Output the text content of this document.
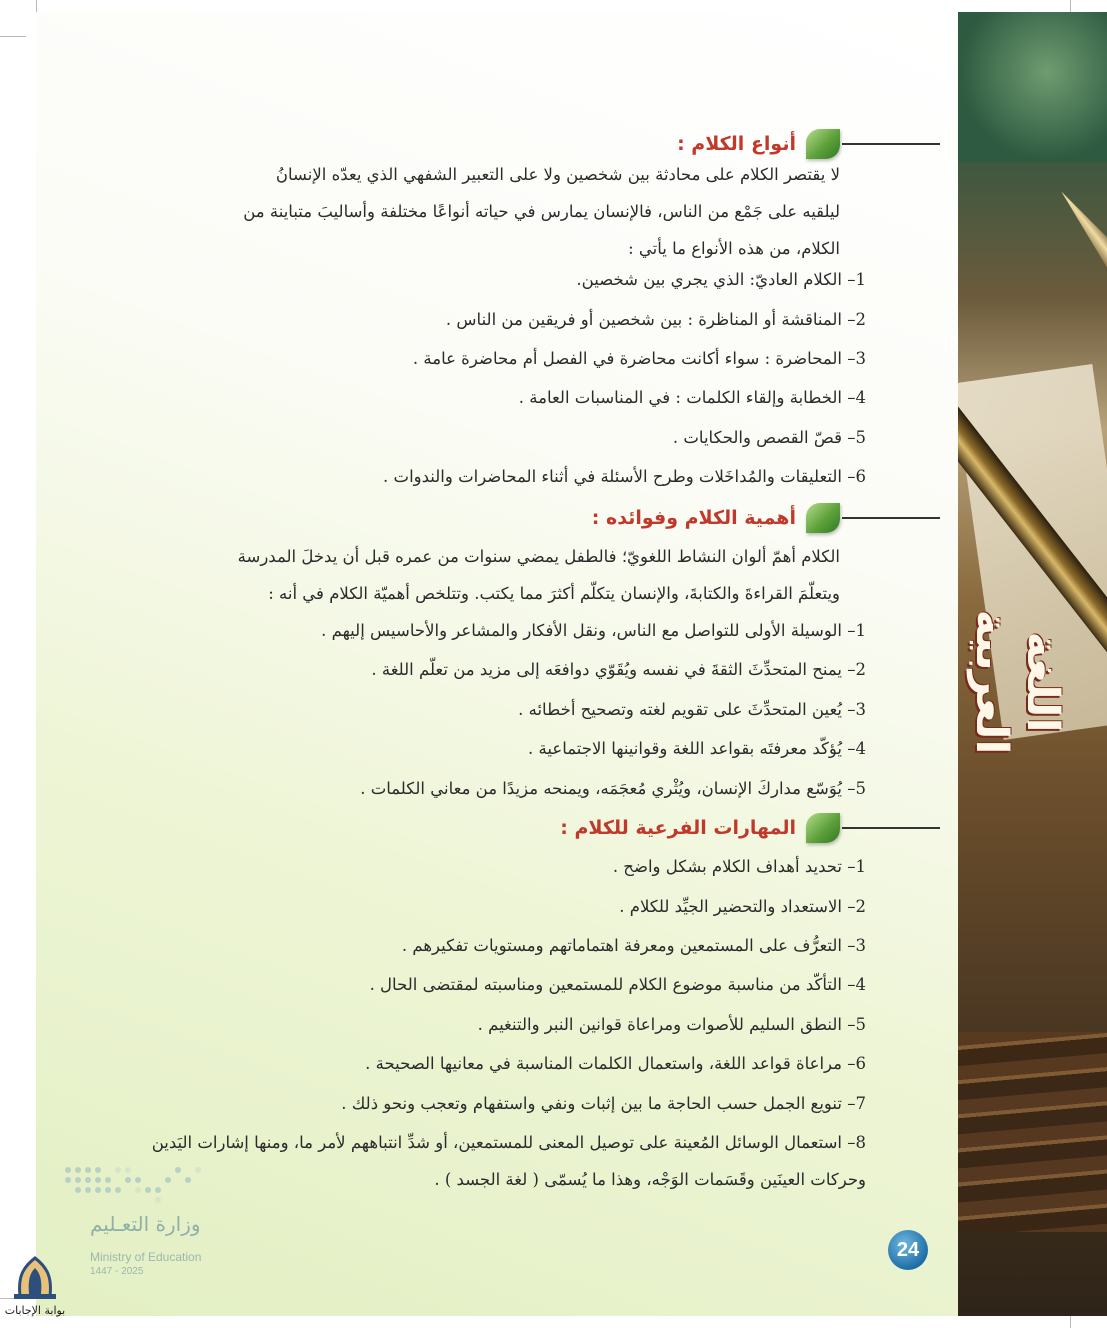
أنواع الكلام :
لا يقتصر الكلام على محادثة بين شخصين ولا على التعبير الشفهي الذي يعدّه الإنسانُ
ليلقيه على جَمْع من الناس، فالإنسان يمارس في حياته أنواعًا مختلفة وأساليبَ متباينة من
الكلام، من هذه الأنواع ما يأتي :
1– الكلام العاديّ: الذي يجري بين شخصين.
2– المناقشة أو المناظرة : بين شخصين أو فريقين من الناس .
3– المحاضرة : سواء أكانت محاضرة في الفصل أم محاضرة عامة .
4– الخطابة وإلقاء الكلمات : في المناسبات العامة .
5– قصّ القصص والحكايات .
6– التعليقات والمُداخَلات وطرح الأسئلة في أثناء المحاضرات والندوات .
أهمية الكلام وفوائده :
الكلام أهمّ ألوان النشاط اللغويّ؛ فالطفل يمضي سنوات من عمره قبل أن يدخلَ المدرسة
ويتعلّمَ القراءةَ والكتابةَ، والإنسان يتكلّم أكثرَ مما يكتب. وتتلخص أهميّة الكلام في أنه :
1– الوسيلة الأولى للتواصل مع الناس، ونقل الأفكار والمشاعر والأحاسيس إليهم .
2– يمنح المتحدِّثَ الثقةَ في نفسه ويُقَوّي دوافعَه إلى مزيد من تعلّم اللغة .
3– يُعين المتحدِّثَ على تقويم لغته وتصحيح أخطائه .
4– يُؤكّد معرفتَه بقواعد اللغة وقوانينها الاجتماعية .
5– يُوَسّع مداركَ الإنسان، ويُثْري مُعجَمَه، ويمنحه مزيدًا من معاني الكلمات .
المهارات الفرعية للكلام :
1– تحديد أهداف الكلام بشكل واضح .
2– الاستعداد والتحضير الجيِّد للكلام .
3– التعرُّف على المستمعين ومعرفة اهتماماتهم ومستويات تفكيرهم .
4– التأكّد من مناسبة موضوع الكلام للمستمعين ومناسبته لمقتضى الحال .
5– النطق السليم للأصوات ومراعاة قوانين النبر والتنغيم .
6– مراعاة قواعد اللغة، واستعمال الكلمات المناسبة في معانيها الصحيحة .
7– تنويع الجمل حسب الحاجة ما بين إثبات ونفي واستفهام وتعجب ونحو ذلك .
8– استعمال الوسائل المُعينة على توصيل المعنى للمستمعين، أو شدِّ انتباههم لأمر ما، ومنها إشارات اليَدين وحركات العينَين وقَسَمات الوَجْه، وهذا ما يُسمّى ( لغة الجسد ) .
وزارة التعـليم
Ministry of Education
2025 - 1447
24
اللغة العربية
بوابة الإجابات
